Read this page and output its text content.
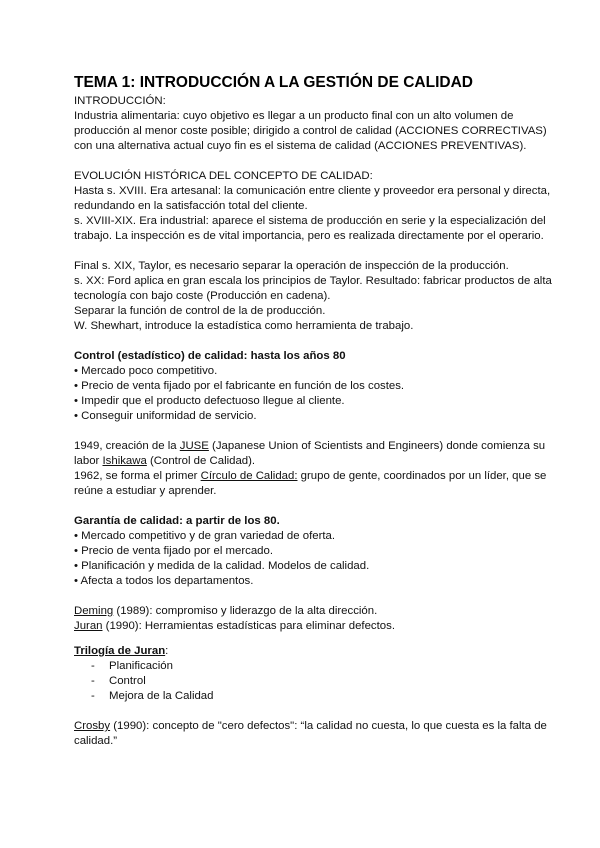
TEMA 1: INTRODUCCIÓN A LA GESTIÓN DE CALIDAD

INTRODUCCIÓN:

Industria alimentaria: cuyo objetivo es llegar a un producto final con un alto volumen de producción al menor coste posible; dirigido a control de calidad (ACCIONES CORRECTIVAS) con una alternativa actual cuyo fin es el sistema de calidad (ACCIONES PREVENTIVAS).

EVOLUCIÓN HISTÓRICA DEL CONCEPTO DE CALIDAD:

Hasta s. XVIII. Era artesanal: la comunicación entre cliente y proveedor era personal y directa, redundando en la satisfacción total del cliente.

s. XVIII-XIX. Era industrial: aparece el sistema de producción en serie y la especialización del trabajo. La inspección es de vital importancia, pero es realizada directamente por el operario.

Final s. XIX, Taylor, es necesario separar la operación de inspección de la producción.

s. XX: Ford aplica en gran escala los principios de Taylor. Resultado: fabricar productos de alta tecnología con bajo coste (Producción en cadena).

Separar la función de control de la de producción.

W. Shewhart, introduce la estadística como herramienta de trabajo.

Control (estadístico) de calidad: hasta los años 80

• Mercado poco competitivo.
• Precio de venta fijado por el fabricante en función de los costes.
• Impedir que el producto defectuoso llegue al cliente.
• Conseguir uniformidad de servicio.

1949, creación de la JUSE (Japanese Union of Scientists and Engineers) donde comienza su labor Ishikawa (Control de Calidad).

1962, se forma el primer Círculo de Calidad: grupo de gente, coordinados por un líder, que se reúne a estudiar y aprender.

Garantía de calidad: a partir de los 80.

• Mercado competitivo y de gran variedad de oferta.
• Precio de venta fijado por el mercado.
• Planificación y medida de la calidad. Modelos de calidad.
• Afecta a todos los departamentos.

Deming (1989): compromiso y liderazgo de la alta dirección.

Juran (1990): Herramientas estadísticas para eliminar defectos.

Trilogía de Juran:

- Planificación
- Control
- Mejora de la Calidad

Crosby (1990): concepto de "cero defectos": “la calidad no cuesta, lo que cuesta es la falta de calidad.”
